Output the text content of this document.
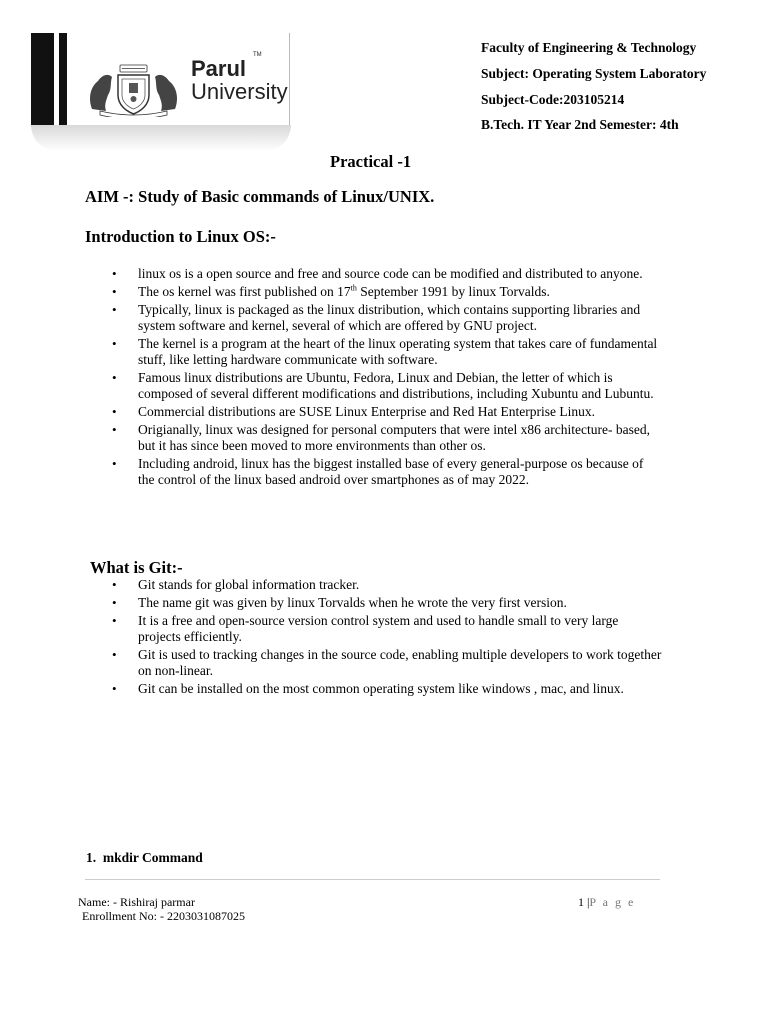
Parul
University
TM	Faculty of Engineering & Technology
Subject: Operating System Laboratory
Subject-Code:203105214
B.Tech. IT Year 2nd Semester: 4th
Practical -1
AIM -: Study of Basic commands of Linux/UNIX.
Introduction to Linux OS:-
• linux os is a open source and free and source code can be modified and distributed to anyone.
• The os kernel was first published on 17th September 1991 by linux Torvalds.
• Typically, linux is packaged as the linux distribution, which contains supporting libraries and system software and kernel, several of which are offered by GNU project.
• The kernel is a program at the heart of the linux operating system that takes care of fundamental stuff, like letting hardware communicate with software.
• Famous linux distributions are Ubuntu, Fedora, Linux and Debian, the letter of which is composed of several different modifications and distributions, including Xubuntu and Lubuntu.
• Commercial distributions are SUSE Linux Enterprise and Red Hat Enterprise Linux.
• Origianally, linux was designed for personal computers that were intel x86 architecture- based, but it has since been moved to more environments than other os.
• Including android, linux has the biggest installed base of every general-purpose os because of the control of the linux based android over smartphones as of may 2022.
What is Git:-
• Git stands for global information tracker.
• The name git was given by linux Torvalds when he wrote the very first version.
• It is a free and open-source version control system and used to handle small to very large projects efficiently.
• Git is used to tracking changes in the source code, enabling multiple developers to work together on non-linear.
• Git can be installed on the most common operating system like windows , mac, and linux.
1. mkdir Command
Name: - Rishiraj parmar
Enrollment No: - 2203031087025
1 |P a g e
